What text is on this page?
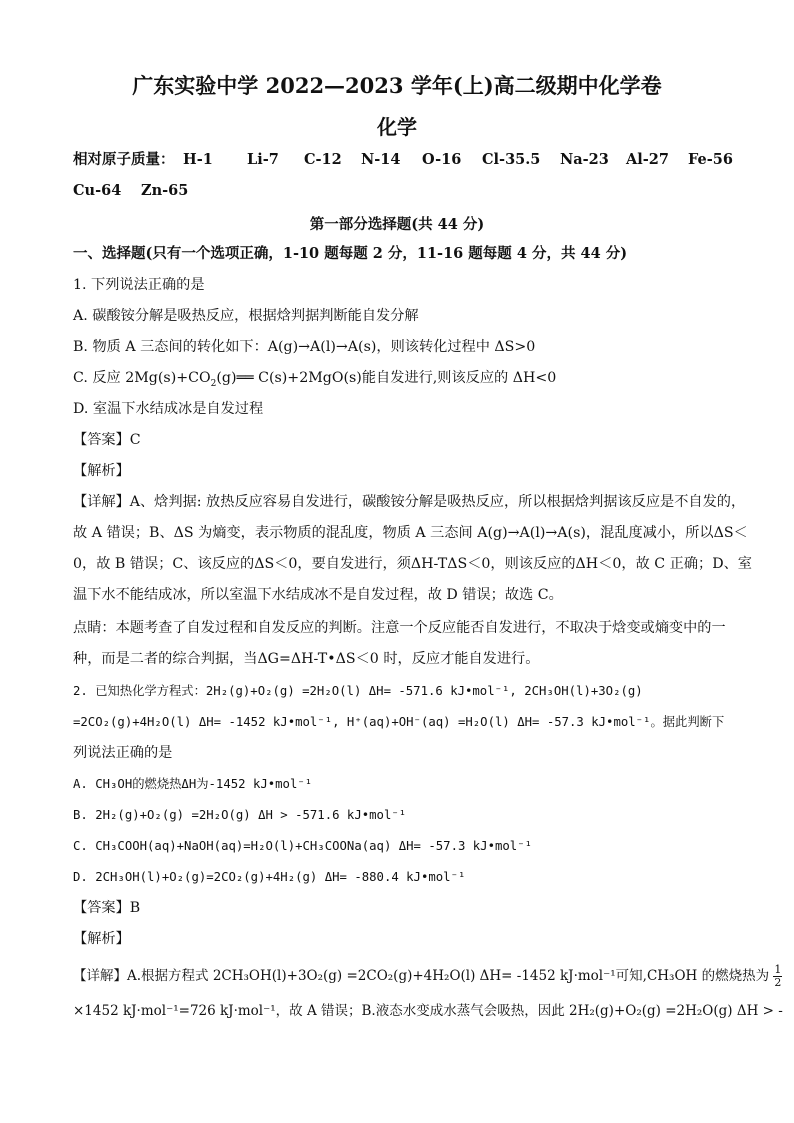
广东实验中学 2022—2023 学年(上)高二级期中化学卷
化学
相对原子质量： H-1 Li-7 C-12 N-14 O-16 Cl-35.5 Na-23 Al-27 Fe-56
Cu-64 Zn-65
第一部分选择题(共 44 分)
一、选择题(只有一个选项正确，1-10 题每题 2 分，11-16 题每题 4 分，共 44 分)
1. 下列说法正确的是
A. 碳酸铵分解是吸热反应，根据焓判据判断能自发分解
B. 物质 A 三态间的转化如下：A(g)→A(l)→A(s)，则该转化过程中 ΔS>0
C. 反应 $2Mg(s)+CO_2(g)══$ C(s)+2MgO(s)能自发进行,则该反应的 ΔH<0
D. 室温下水结成冰是自发过程
【答案】C
【解析】
【详解】A、焓判据: 放热反应容易自发进行，碳酸铵分解是吸热反应，所以根据焓判据该反应是不自发的，
故 A 错误；B、ΔS 为熵变，表示物质的混乱度，物质 A 三态间 A(g)→A(l)→A(s)，混乱度减小，所以ΔS＜
0，故 B 错误；C、该反应的ΔS＜0，要自发进行，须ΔH-TΔS＜0，则该反应的ΔH＜0，故 C 正确；D、室
温下水不能结成冰，所以室温下水结成冰不是自发过程，故 D 错误；故选 C。
点睛：本题考查了自发过程和自发反应的判断。注意一个反应能否自发进行，不取决于焓变或熵变中的一
种，而是二者的综合判据，当ΔG=ΔH-T•ΔS＜0 时，反应才能自发进行。
2. 已知热化学方程式：2H₂(g)+O₂(g) =2H₂O(l) ΔH= -571.6 kJ•mol⁻¹, 2CH₃OH(l)+3O₂(g)
=2CO₂(g)+4H₂O(l) ΔH= -1452 kJ•mol⁻¹, H⁺(aq)+OH⁻(aq) =H₂O(l) ΔH= -57.3 kJ•mol⁻¹。据此判断下
列说法正确的是
A. CH₃OH的燃烧热ΔH为-1452 kJ•mol⁻¹
B. 2H₂(g)+O₂(g) =2H₂O(g) ΔH > -571.6 kJ•mol⁻¹
C. CH₃COOH(aq)+NaOH(aq)=H₂O(l)+CH₃COONa(aq) ΔH= -57.3 kJ•mol⁻¹
D. 2CH₃OH(l)+O₂(g)=2CO₂(g)+4H₂(g) ΔH= -880.4 kJ•mol⁻¹
【答案】B
【解析】
【详解】A.根据方程式 2CH₃OH(l)+3O₂(g) =2CO₂(g)+4H₂O(l) ΔH= -1452 kJ·mol⁻¹可知,CH₃OH 的燃烧热为 $\frac{1}{2}$
×1452 kJ·mol⁻¹=726 kJ·mol⁻¹，故 A 错误；B.液态水变成水蒸气会吸热，因此 2H₂(g)+O₂(g) =2H₂O(g) ΔH > -
